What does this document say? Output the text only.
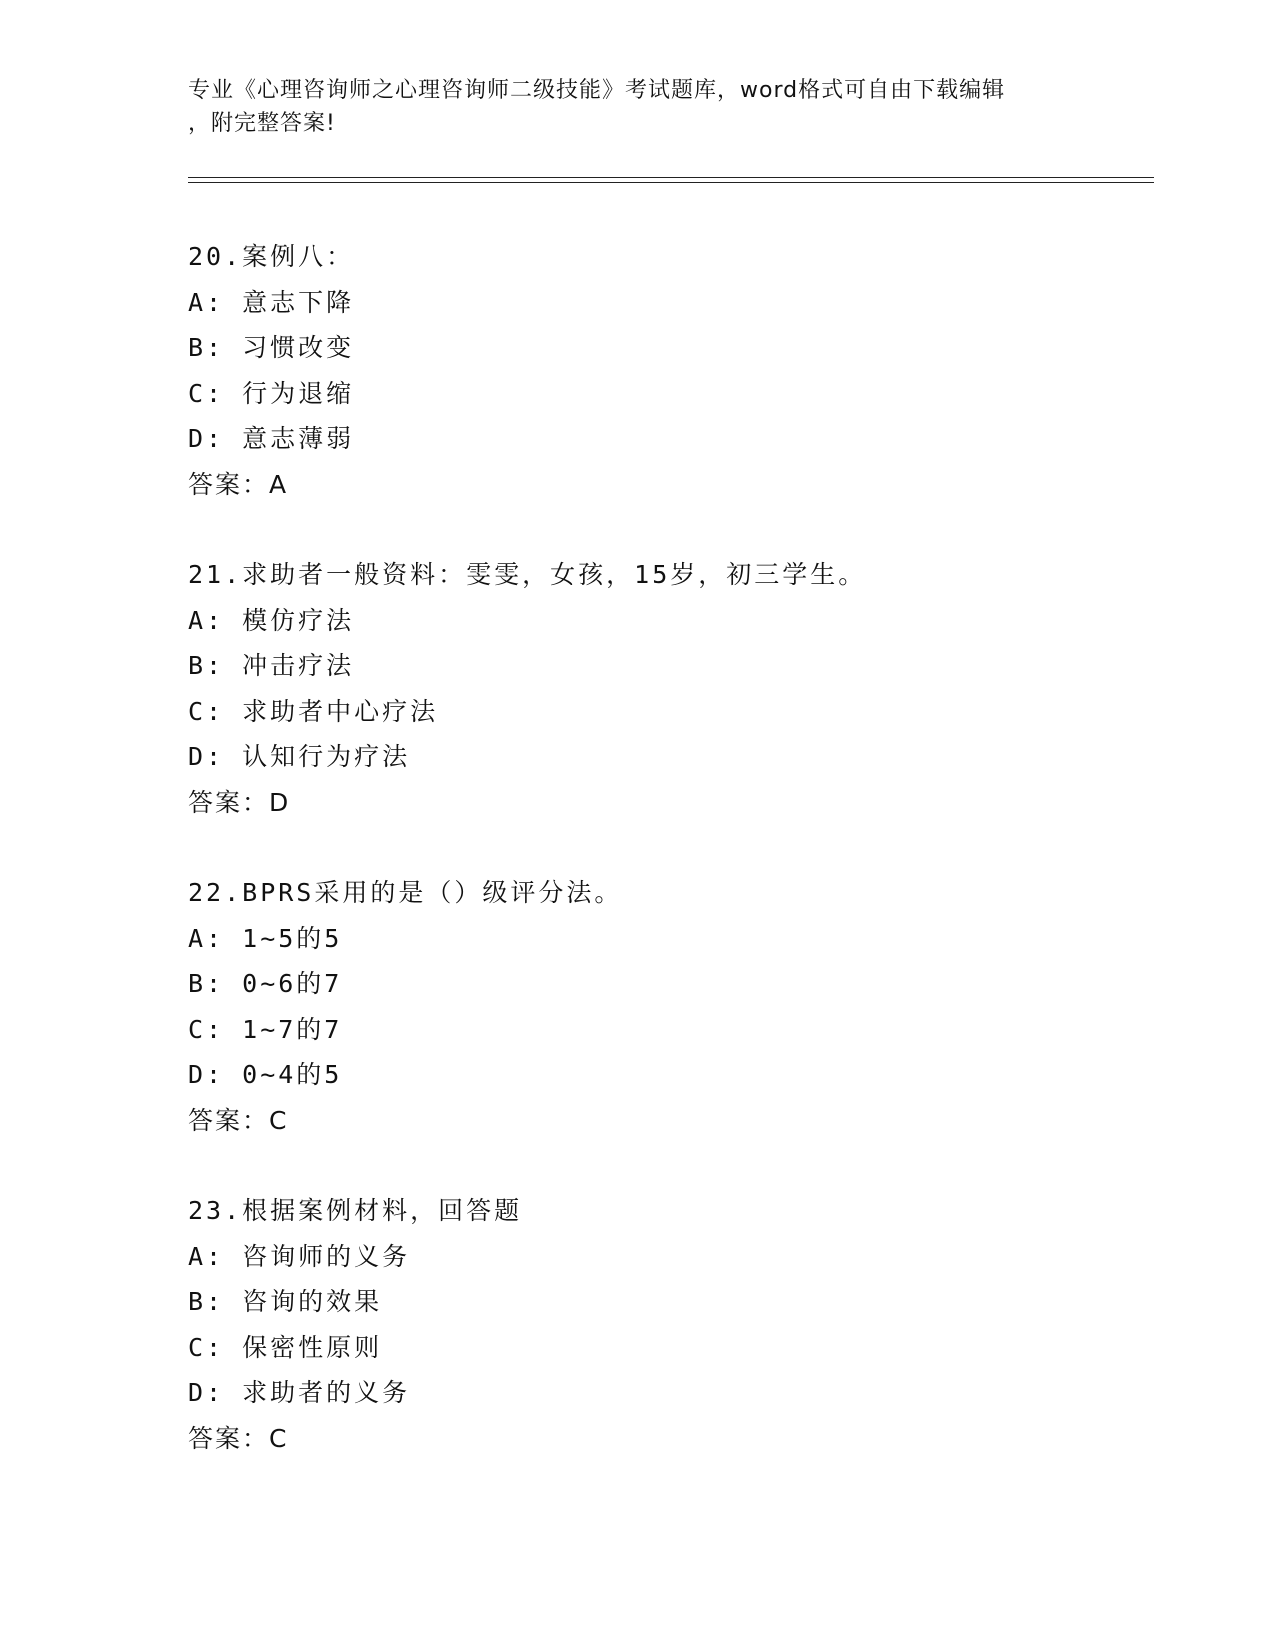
专业《心理咨询师之心理咨询师二级技能》考试题库，word格式可自由下载编辑
，附完整答案!
20.案例八：
A: 意志下降
B: 习惯改变
C: 行为退缩
D: 意志薄弱
答案：A
21.求助者一般资料：雯雯，女孩，15岁，初三学生。
A: 模仿疗法
B: 冲击疗法
C: 求助者中心疗法
D: 认知行为疗法
答案：D
22.BPRS采用的是（）级评分法。
A: 1~5的5
B: 0~6的7
C: 1~7的7
D: 0~4的5
答案：C
23.根据案例材料，回答题
A: 咨询师的义务
B: 咨询的效果
C: 保密性原则
D: 求助者的义务
答案：C
